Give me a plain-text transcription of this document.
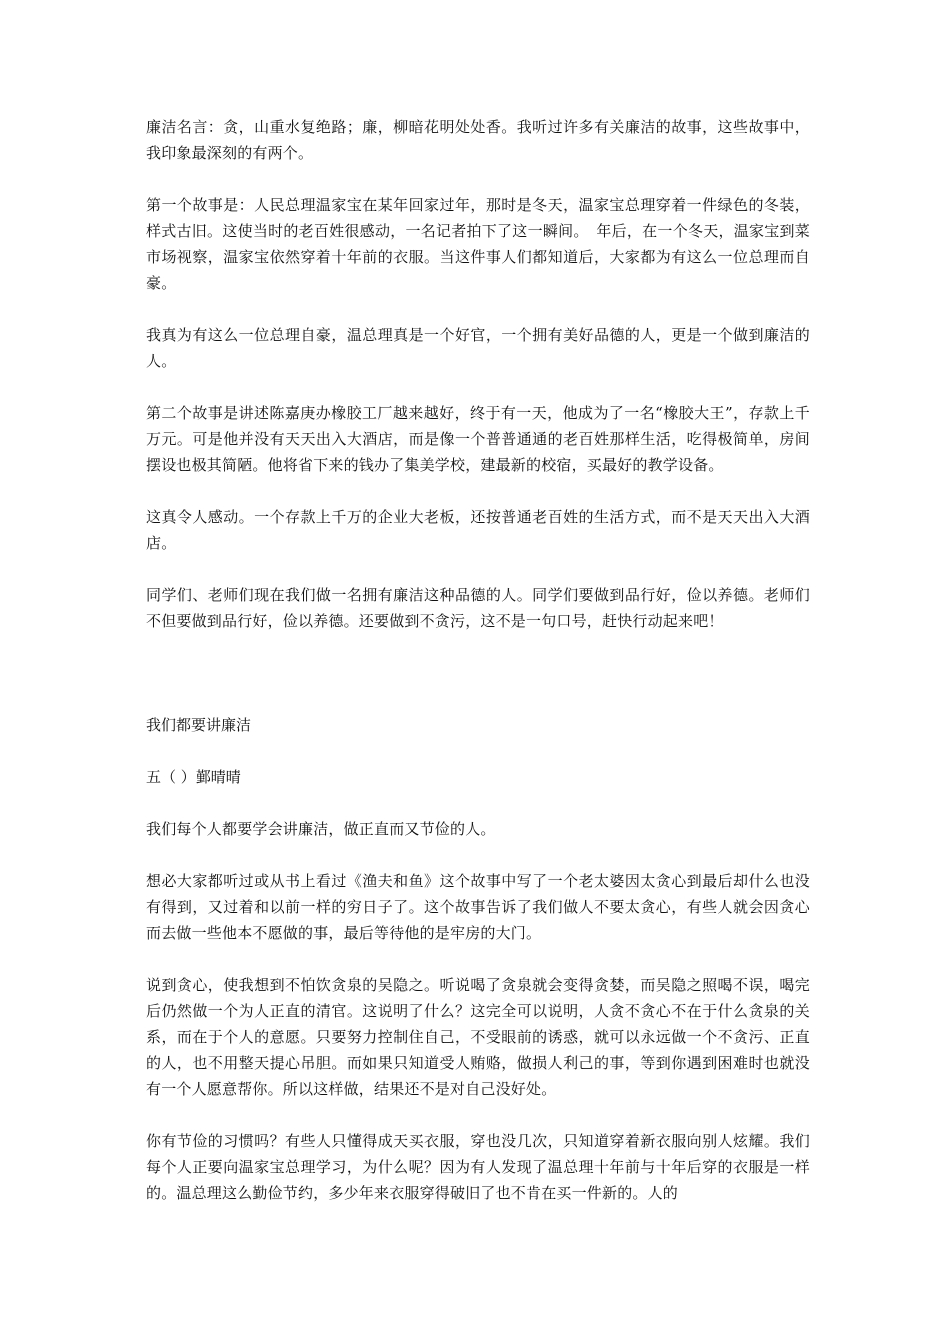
廉洁名言：贪，山重水复绝路；廉，柳暗花明处处香。我听过许多有关廉洁的故事，这些故事中，我印象最深刻的有两个。

第一个故事是：人民总理温家宝在某年回家过年，那时是冬天，温家宝总理穿着一件绿色的冬装，样式古旧。这使当时的老百姓很感动，一名记者拍下了这一瞬间。　年后，在一个冬天，温家宝到菜市场视察，温家宝依然穿着十年前的衣服。当这件事人们都知道后，大家都为有这么一位总理而自豪。

我真为有这么一位总理自豪，温总理真是一个好官，一个拥有美好品德的人，更是一个做到廉洁的人。

第二个故事是讲述陈嘉庚办橡胶工厂越来越好，终于有一天，他成为了一名“橡胶大王”，存款上千万元。可是他并没有天天出入大酒店，而是像一个普普通通的老百姓那样生活，吃得极简单，房间摆设也极其简陋。他将省下来的钱办了集美学校，建最新的校宿，买最好的教学设备。

这真令人感动。一个存款上千万的企业大老板，还按普通老百姓的生活方式，而不是天天出入大酒店。

同学们、老师们现在我们做一名拥有廉洁这种品德的人。同学们要做到品行好，俭以养德。老师们不但要做到品行好，俭以养德。还要做到不贪污，这不是一句口号，赶快行动起来吧！

我们都要讲廉洁

五（ ）鄞晴晴

我们每个人都要学会讲廉洁，做正直而又节俭的人。

想必大家都听过或从书上看过《渔夫和鱼》这个故事中写了一个老太婆因太贪心到最后却什么也没有得到，又过着和以前一样的穷日子了。这个故事告诉了我们做人不要太贪心，有些人就会因贪心而去做一些他本不愿做的事，最后等待他的是牢房的大门。

说到贪心，使我想到不怕饮贪泉的吴隐之。听说喝了贪泉就会变得贪婪，而吴隐之照喝不误，喝完后仍然做一个为人正直的清官。这说明了什么？这完全可以说明，人贪不贪心不在于什么贪泉的关系，而在于个人的意愿。只要努力控制住自己，不受眼前的诱惑，就可以永远做一个不贪污、正直的人，也不用整天提心吊胆。而如果只知道受人贿赂，做损人利己的事，等到你遇到困难时也就没有一个人愿意帮你。所以这样做，结果还不是对自己没好处。

你有节俭的习惯吗？有些人只懂得成天买衣服，穿也没几次，只知道穿着新衣服向别人炫耀。我们每个人正要向温家宝总理学习，为什么呢？因为有人发现了温总理十年前与十年后穿的衣服是一样的。温总理这么勤俭节约，多少年来衣服穿得破旧了也不肯在买一件新的。人的
